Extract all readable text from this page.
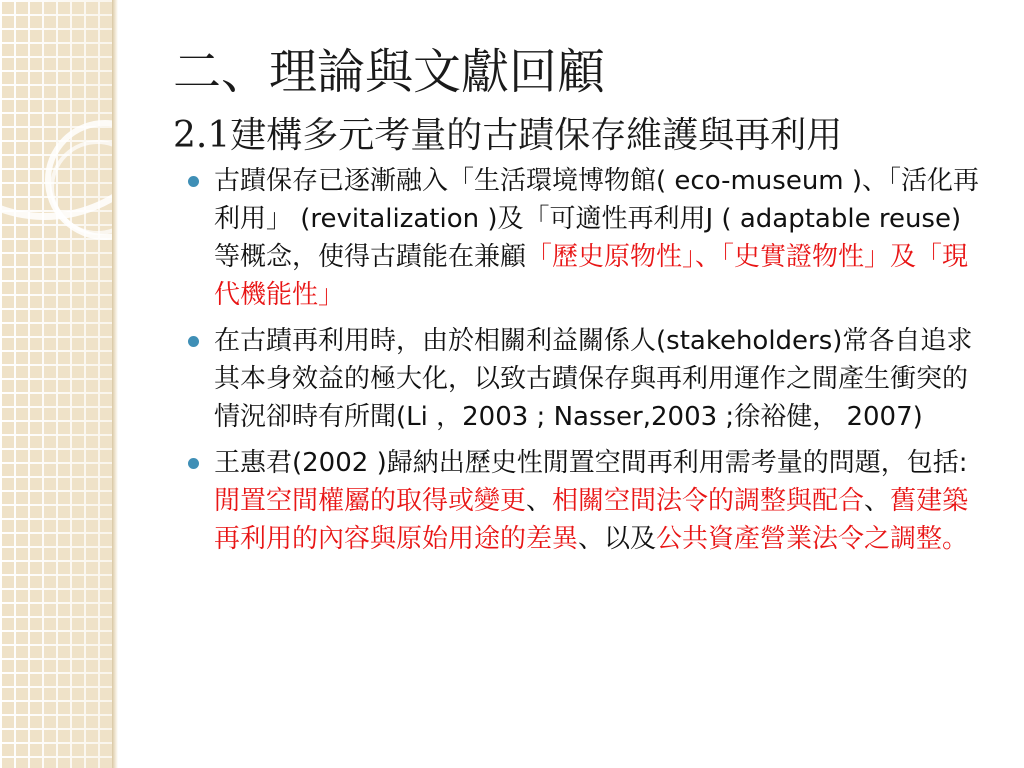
二、理論與文獻回顧
2.1建構多元考量的古蹟保存維護與再利用
古蹟保存已逐漸融入「生活環境博物館( eco-museum )、「活化再利用」 (revitalization )及「可適性再利用J ( adaptable reuse) 等概念，使得古蹟能在兼顧「歷史原物性」、「史實證物性」及「現代機能性」
在古蹟再利用時，由於相關利益關係人(stakeholders)常各自追求其本身效益的極大化，以致古蹟保存與再利用運作之間產生衝突的情況卻時有所聞(Li ，2003 ; Nasser,2003 ;徐裕健， 2007)
王惠君(2002 )歸納出歷史性閒置空間再利用需考量的問題，包括:閒置空間權屬的取得或變更、相關空間法令的調整與配合、舊建築再利用的內容與原始用途的差異、以及公共資產營業法令之調整。
